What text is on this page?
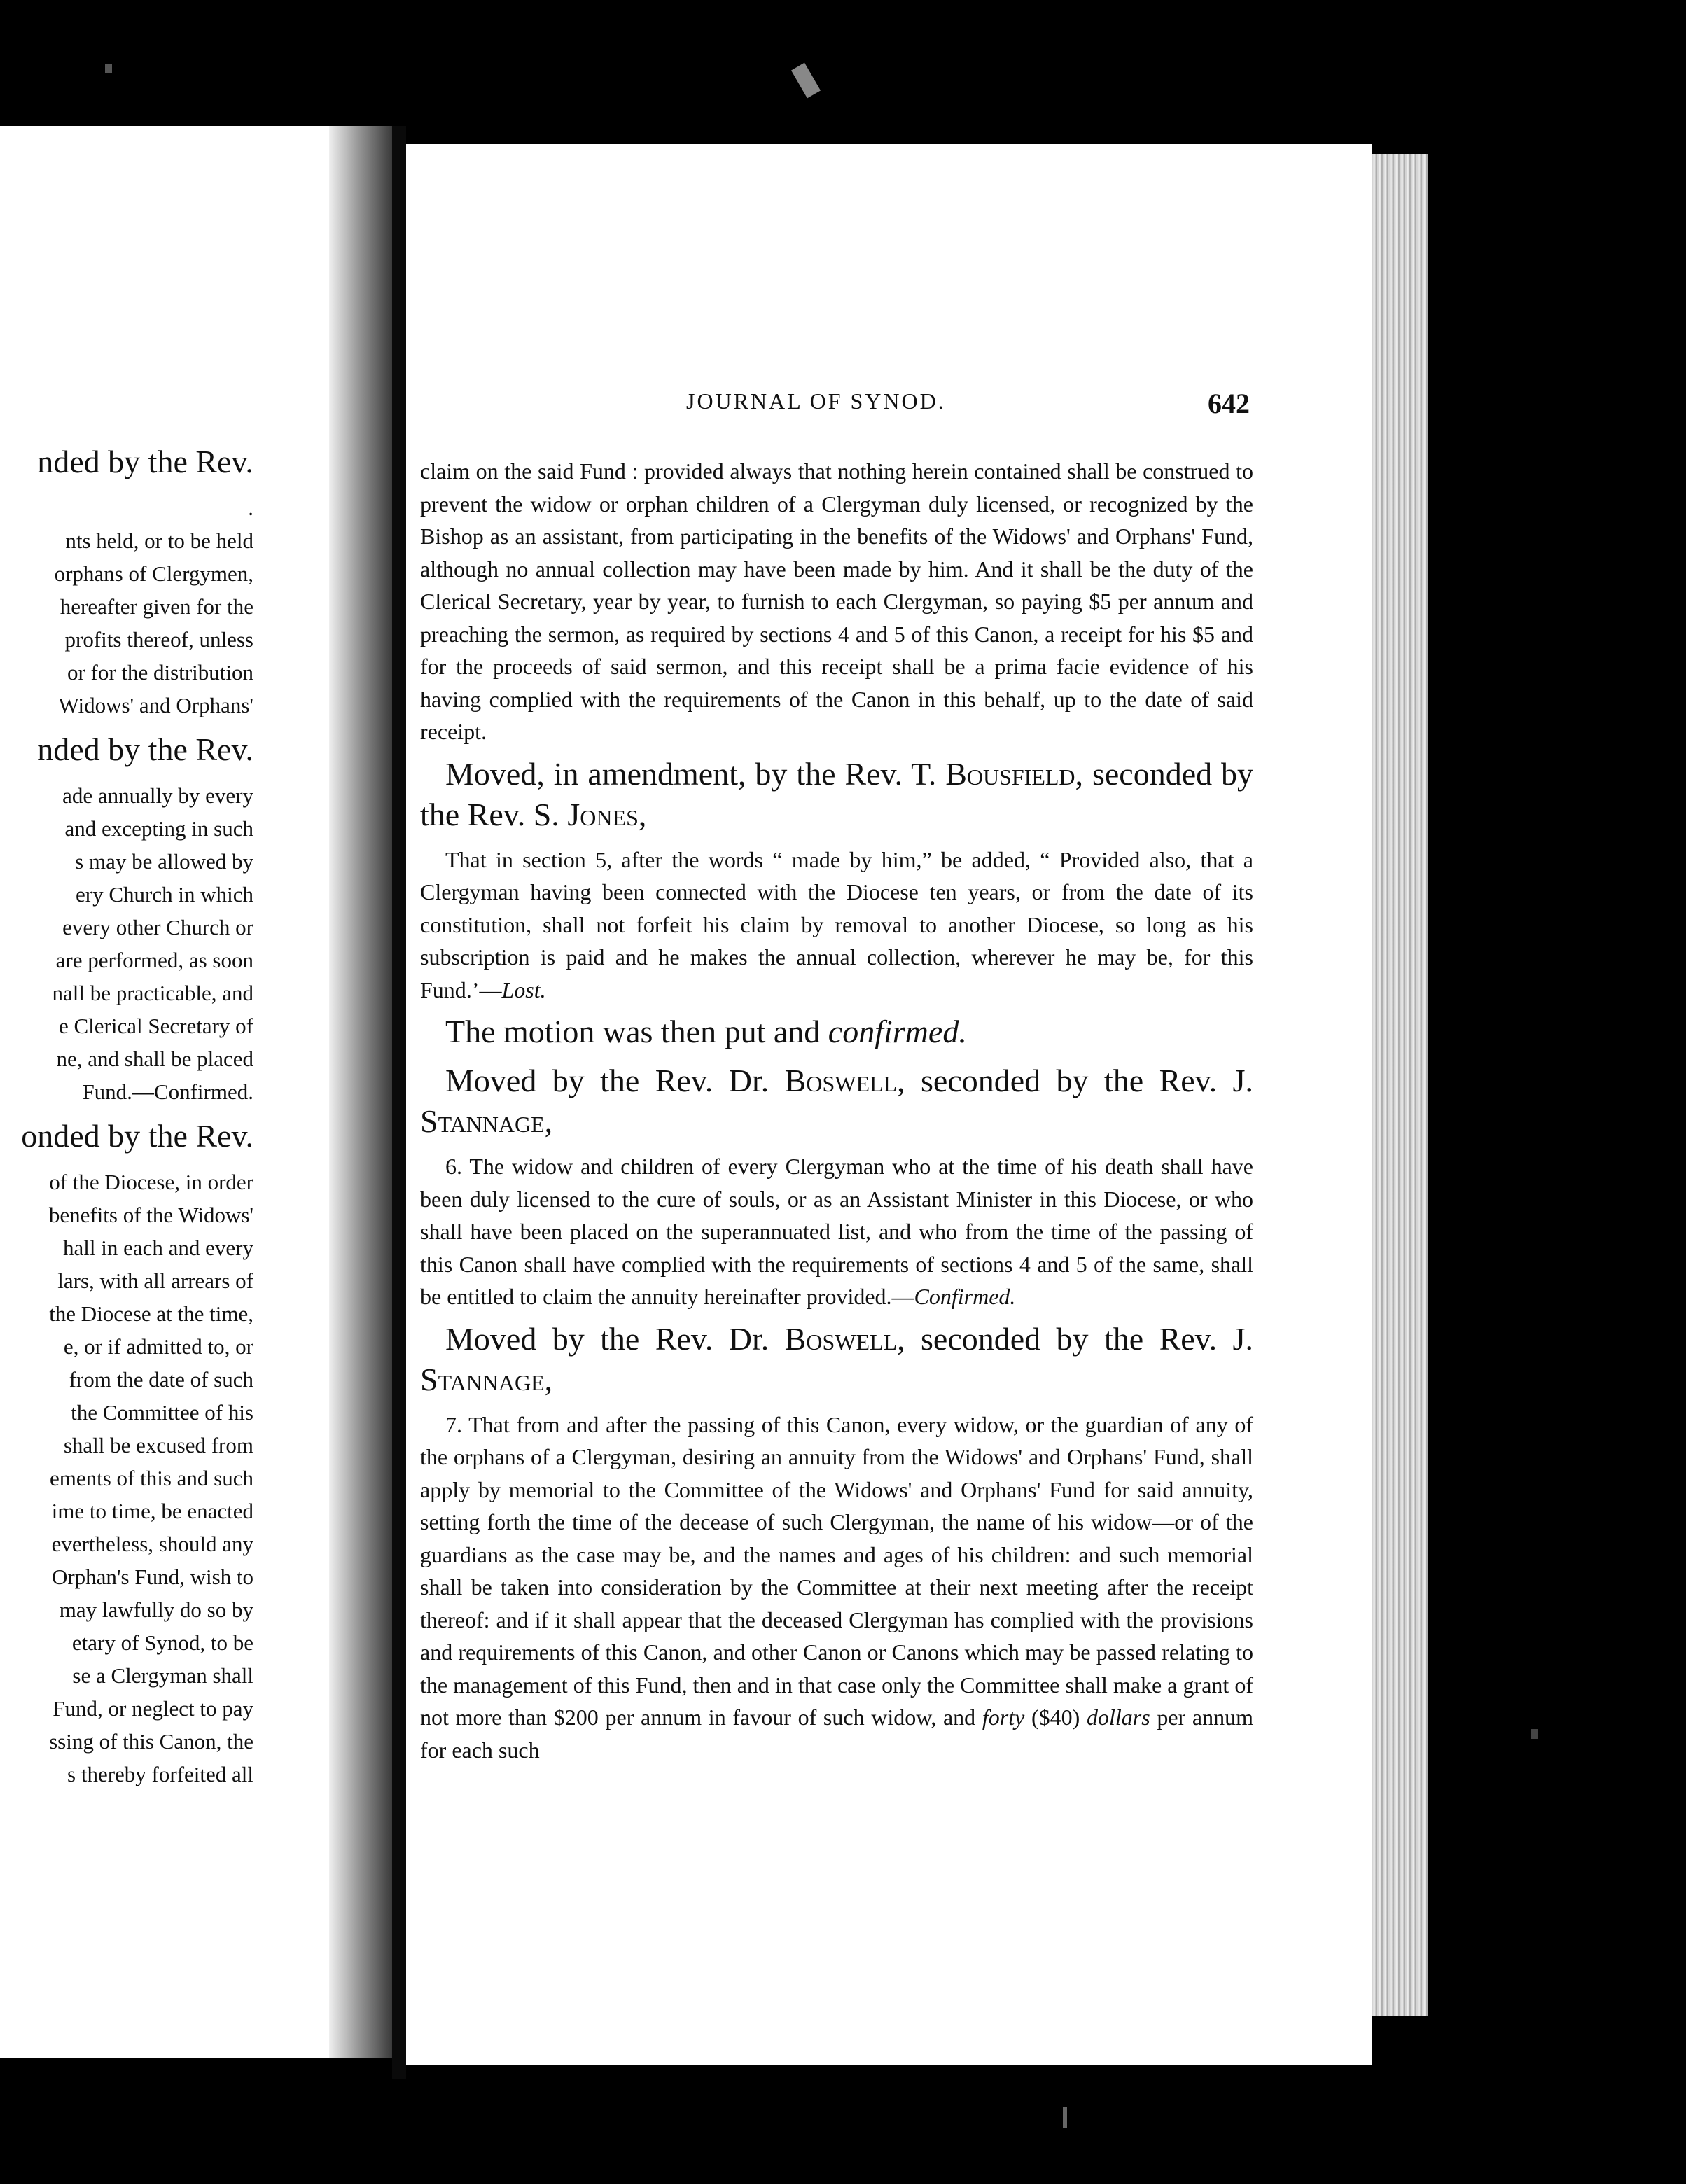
nded by the Rev.
.
nts held, or to be held
orphans of Clergymen,
hereafter given for the
profits thereof, unless
or for the distribution
Widows' and Orphans'
nded by the Rev.
ade annually by every
and excepting in such
s may be allowed by
ery Church in which
every other Church or
are performed, as soon
nall be practicable, and
e Clerical Secretary of
ne, and shall be placed
Fund.—Confirmed.
onded by the Rev.
of the Diocese, in order
benefits of the Widows'
hall in each and every
lars, with all arrears of
the Diocese at the time,
e, or if admitted to, or
from the date of such
the Committee of his
shall be excused from
ements of this and such
ime to time, be enacted
evertheless, should any
Orphan's Fund, wish to
may lawfully do so by
etary of Synod, to be
se a Clergyman shall
Fund, or neglect to pay
ssing of this Canon, the
s thereby forfeited all
JOURNAL OF SYNOD.	642

claim on the said Fund : provided always that nothing herein contained shall be construed to prevent the widow or orphan children of a Clergyman duly licensed, or recognized by the Bishop as an assistant, from participating in the benefits of the Widows' and Orphans' Fund, although no annual collection may have been made by him. And it shall be the duty of the Clerical Secretary, year by year, to furnish to each Clergyman, so paying $5 per annum and preaching the sermon, as required by sections 4 and 5 of this Canon, a receipt for his $5 and for the proceeds of said sermon, and this receipt shall be a prima facie evidence of his having complied with the requirements of the Canon in this behalf, up to the date of said receipt.

Moved, in amendment, by the Rev. T. Bousfield, seconded by the Rev. S. Jones,

That in section 5, after the words “ made by him,” be added, “ Provided also, that a Clergyman having been connected with the Diocese ten years, or from the date of its constitution, shall not forfeit his claim by removal to another Diocese, so long as his subscription is paid and he makes the annual collection, wherever he may be, for this Fund.’—Lost.

The motion was then put and confirmed.

Moved by the Rev. Dr. Boswell, seconded by the Rev. J. Stannage,

6. The widow and children of every Clergyman who at the time of his death shall have been duly licensed to the cure of souls, or as an Assistant Minister in this Diocese, or who shall have been placed on the superannuated list, and who from the time of the passing of this Canon shall have complied with the requirements of sections 4 and 5 of the same, shall be entitled to claim the annuity hereinafter provided.—Confirmed.

Moved by the Rev. Dr. Boswell, seconded by the Rev. J. Stannage,

7. That from and after the passing of this Canon, every widow, or the guardian of any of the orphans of a Clergyman, desiring an annuity from the Widows' and Orphans' Fund, shall apply by memorial to the Committee of the Widows' and Orphans' Fund for said annuity, setting forth the time of the decease of such Clergyman, the name of his widow—or of the guardians as the case may be, and the names and ages of his children: and such memorial shall be taken into consideration by the Committee at their next meeting after the receipt thereof: and if it shall appear that the deceased Clergyman has complied with the provisions and requirements of this Canon, and other Canon or Canons which may be passed relating to the management of this Fund, then and in that case only the Committee shall make a grant of not more than $200 per annum in favour of such widow, and forty ($40) dollars per annum for each such
